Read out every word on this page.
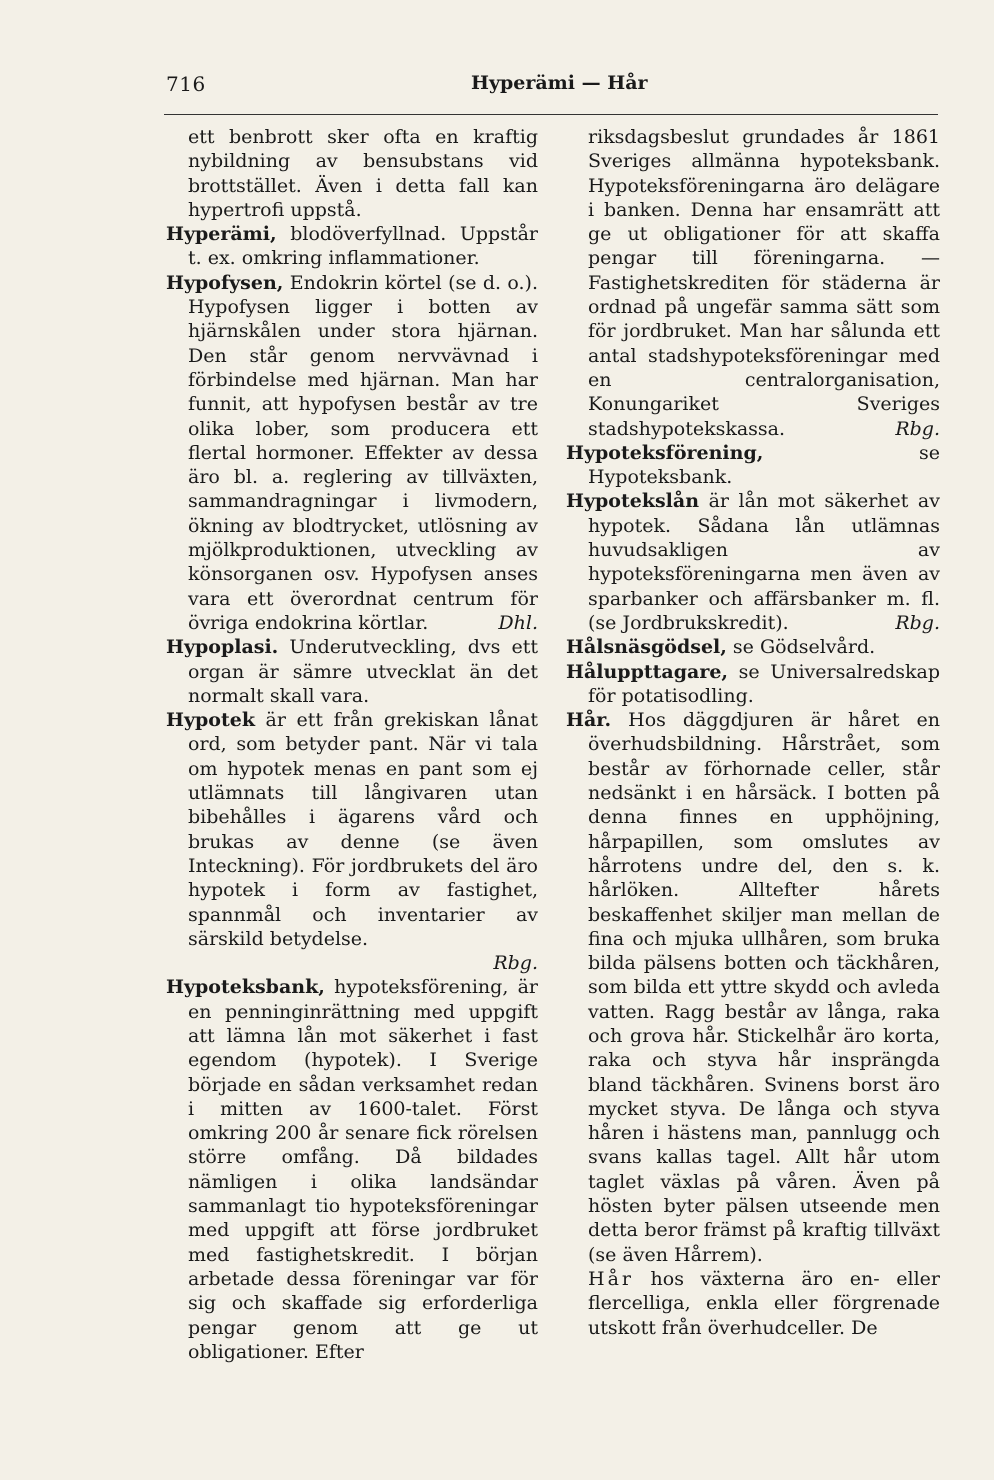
716	Hyperämi — Hår
ett benbrott sker ofta en kraftig nybildning av bensubstans vid brottstället. Även i detta fall kan hypertrofi uppstå.
Hyperämi, blodöverfyllnad. Uppstår t. ex. omkring inflammationer.
Hypofysen, Endokrin körtel (se d. o.). Hypofysen ligger i botten av hjärnskålen under stora hjärnan. Den står genom nervvävnad i förbindelse med hjärnan. Man har funnit, att hypofysen består av tre olika lober, som producera ett flertal hormoner. Effekter av dessa äro bl. a. reglering av tillväxten, sammandragningar i livmodern, ökning av blodtrycket, utlösning av mjölkproduktionen, utveckling av könsorganen osv. Hypofysen anses vara ett överordnat centrum för övriga endokrina körtlar.	Dhl.
Hypoplasi. Underutveckling, dvs ett organ är sämre utvecklat än det normalt skall vara.
Hypotek är ett från grekiskan lånat ord, som betyder pant. När vi tala om hypotek menas en pant som ej utlämnats till långivaren utan bibehålles i ägarens vård och brukas av denne (se även Inteckning). För jordbrukets del äro hypotek i form av fastighet, spannmål och inventarier av särskild betydelse.
Rbg.
Hypoteksbank, hypoteksförening, är en penninginrättning med uppgift att lämna lån mot säkerhet i fast egendom (hypotek). I Sverige började en sådan verksamhet redan i mitten av 1600-talet. Först omkring 200 år senare fick rörelsen större omfång. Då bildades nämligen i olika landsändar sammanlagt tio hypoteksföreningar med uppgift att förse jordbruket med fastighetskredit. I början arbetade dessa föreningar var för sig och skaffade sig erforderliga pengar genom att ge ut obligationer. Efter
riksdagsbeslut grundades år 1861 Sveriges allmänna hypoteksbank. Hypoteksföreningarna äro delägare i banken. Denna har ensamrätt att ge ut obligationer för att skaffa pengar till föreningarna. — Fastighetskrediten för städerna är ordnad på ungefär samma sätt som för jordbruket. Man har sålunda ett antal stadshypoteksföreningar med en centralorganisation, Konungariket Sveriges stadshypotekskassa.	Rbg.
Hypoteksförening, se Hypoteksbank.
Hypotekslån är lån mot säkerhet av hypotek. Sådana lån utlämnas huvudsakligen av hypoteksföreningarna men även av sparbanker och affärsbanker m. fl. (se Jordbrukskredit).	Rbg.
Hålsnäsgödsel, se Gödselvård.
Håluppttagare, se Universalredskap för potatisodling.
Hår. Hos däggdjuren är håret en överhudsbildning. Hårstrået, som består av förhornade celler, står nedsänkt i en hårsäck. I botten på denna finnes en upphöjning, hårpapillen, som omslutes av hårrotens undre del, den s. k. hårlöken. Alltefter hårets beskaffenhet skiljer man mellan de fina och mjuka ullhåren, som bruka bilda pälsens botten och täckhåren, som bilda ett yttre skydd och avleda vatten. Ragg består av långa, raka och grova hår. Stickelhår äro korta, raka och styva hår insprängda bland täckhåren. Svinens borst äro mycket styva. De långa och styva håren i hästens man, pannlugg och svans kallas tagel. Allt hår utom taglet växlas på våren. Även på hösten byter pälsen utseende men detta beror främst på kraftig tillväxt (se även Hårrem).
Hår hos växterna äro en- eller flercelliga, enkla eller förgrenade utskott från överhudceller. De
